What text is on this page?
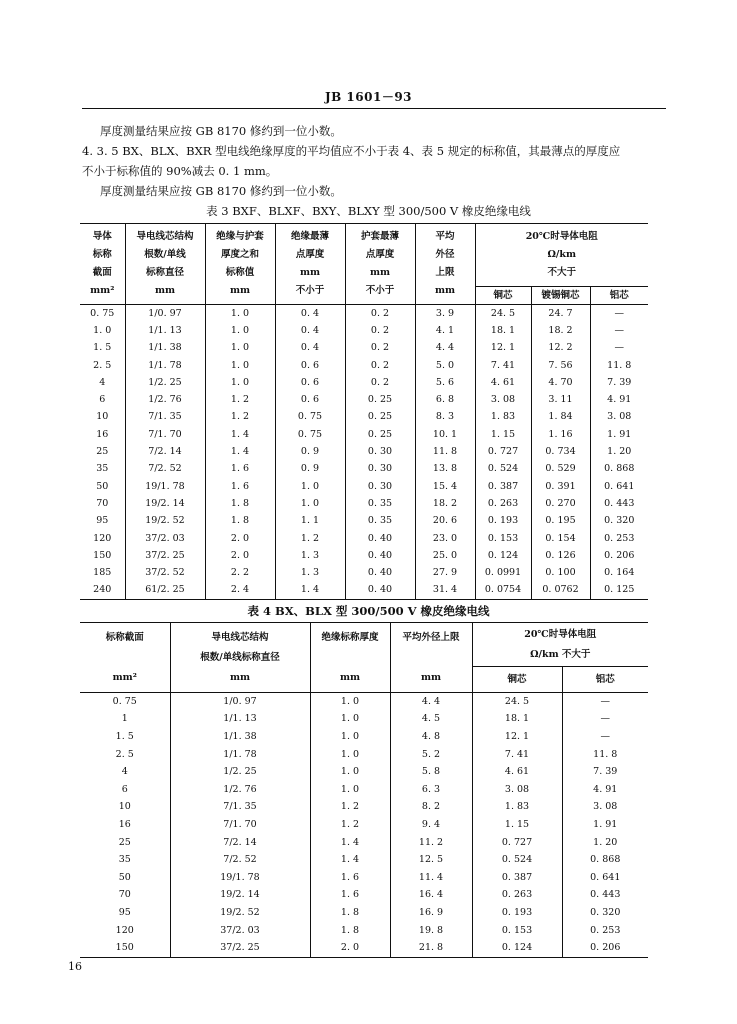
JB 1601－93
厚度测量结果应按 GB 8170 修约到一位小数。
4. 3. 5 BX、BLX、BXR 型电线绝缘厚度的平均值应不小于表 4、表 5 规定的标称值，其最薄点的厚度应
不小于标称值的 90%减去 0. 1 mm。
厚度测量结果应按 GB 8170 修约到一位小数。
表 3 BXF、BLXF、BXY、BLXY 型 300/500 V 橡皮绝缘电线
导体
标称
截面
mm²	导电线芯结构
根数/单线
标称直径
mm	绝缘与护套
厚度之和
标称值
mm	绝缘最薄
点厚度
mm
不小于	护套最薄
点厚度
mm
不小于	平均
外径
上限
mm	20℃时导体电阻
Ω/km
不大于		
						铜芯	镀锡铜芯	铝芯
0. 75	1/0. 97	1. 0	0. 4	0. 2	3. 9	24. 5	24. 7	—
1. 0	1/1. 13	1. 0	0. 4	0. 2	4. 1	18. 1	18. 2	—
1. 5	1/1. 38	1. 0	0. 4	0. 2	4. 4	12. 1	12. 2	—
2. 5	1/1. 78	1. 0	0. 6	0. 2	5. 0	7. 41	7. 56	11. 8
4	1/2. 25	1. 0	0. 6	0. 2	5. 6	4. 61	4. 70	7. 39
6	1/2. 76	1. 2	0. 6	0. 25	6. 8	3. 08	3. 11	4. 91
10	7/1. 35	1. 2	0. 75	0. 25	8. 3	1. 83	1. 84	3. 08
16	7/1. 70	1. 4	0. 75	0. 25	10. 1	1. 15	1. 16	1. 91
25	7/2. 14	1. 4	0. 9	0. 30	11. 8	0. 727	0. 734	1. 20
35	7/2. 52	1. 6	0. 9	0. 30	13. 8	0. 524	0. 529	0. 868
50	19/1. 78	1. 6	1. 0	0. 30	15. 4	0. 387	0. 391	0. 641
70	19/2. 14	1. 8	1. 0	0. 35	18. 2	0. 263	0. 270	0. 443
95	19/2. 52	1. 8	1. 1	0. 35	20. 6	0. 193	0. 195	0. 320
120	37/2. 03	2. 0	1. 2	0. 40	23. 0	0. 153	0. 154	0. 253
150	37/2. 25	2. 0	1. 3	0. 40	25. 0	0. 124	0. 126	0. 206
185	37/2. 52	2. 2	1. 3	0. 40	27. 9	0. 0991	0. 100	0. 164
240	61/2. 25	2. 4	1. 4	0. 40	31. 4	0. 0754	0. 0762	0. 125
表 4 BX、BLX 型 300/500 V 橡皮绝缘电线
标称截面

mm²	导电线芯结构
根数/单线标称直径
mm	绝缘标称厚度

mm	平均外径上限

mm	20℃时导体电阻
Ω/km 不大于	
				铜芯	铝芯
0. 75	1/0. 97	1. 0	4. 4	24. 5	—
1	1/1. 13	1. 0	4. 5	18. 1	—
1. 5	1/1. 38	1. 0	4. 8	12. 1	—
2. 5	1/1. 78	1. 0	5. 2	7. 41	11. 8
4	1/2. 25	1. 0	5. 8	4. 61	7. 39
6	1/2. 76	1. 0	6. 3	3. 08	4. 91
10	7/1. 35	1. 2	8. 2	1. 83	3. 08
16	7/1. 70	1. 2	9. 4	1. 15	1. 91
25	7/2. 14	1. 4	11. 2	0. 727	1. 20
35	7/2. 52	1. 4	12. 5	0. 524	0. 868
50	19/1. 78	1. 6	11. 4	0. 387	0. 641
70	19/2. 14	1. 6	16. 4	0. 263	0. 443
95	19/2. 52	1. 8	16. 9	0. 193	0. 320
120	37/2. 03	1. 8	19. 8	0. 153	0. 253
150	37/2. 25	2. 0	21. 8	0. 124	0. 206
16
